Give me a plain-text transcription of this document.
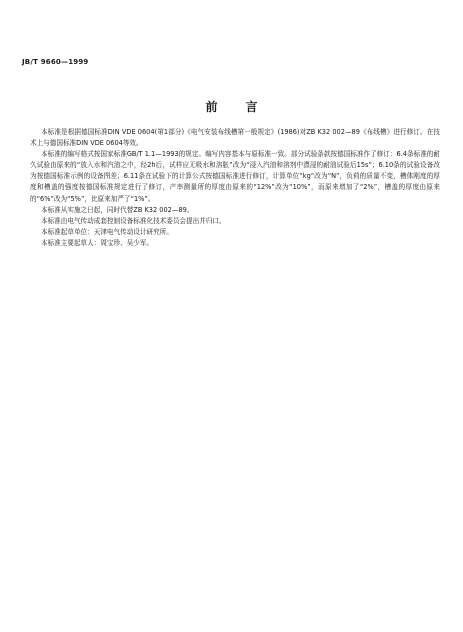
JB/T 9660—1999
前言

本标准是根据德国标准DIN VDE 0604(第1部分)《电气安装布线槽第一般规定》(1986)对ZB K32 002—89《布线槽》进行修订。在技术上与德国标准DIN VDE 0604等效。

本标准的编写格式按国家标准GB/T 1.1—1993的规定。编写内容基本与原标准一致。部分试验条款按德国标准作了修订：6.4条标准的耐久试验由原来的“放入水和汽油之中，经2h后，试样应无吸水和溶胀”改为“浸入汽油和溶剂中漂浸的耐油试验后15s”；6.10条的试验设备改为按德国标准示例的设备图差；6.11条在试验下的计算公式按德国标准进行修订，计算单位“kg”改为“N”，负荷的质量不变，槽体刚度的厚度和槽盖的强度按德国标准规定进行了修订，产率测量所的厚度由原来的“12%”改为“10%”，而原来增加了“2%”，槽盖的厚度由原来的“6%”改为“5%”，比原来加严了“1%”。

本标准从实施之日起，同时代替ZB K32 002—89。

本标准由电气传动成套控制设备标准化技术委员会提出并归口。

本标准起草单位：天津电气传动设计研究所。

本标准主要起草人：周宝珍、吴少军。
